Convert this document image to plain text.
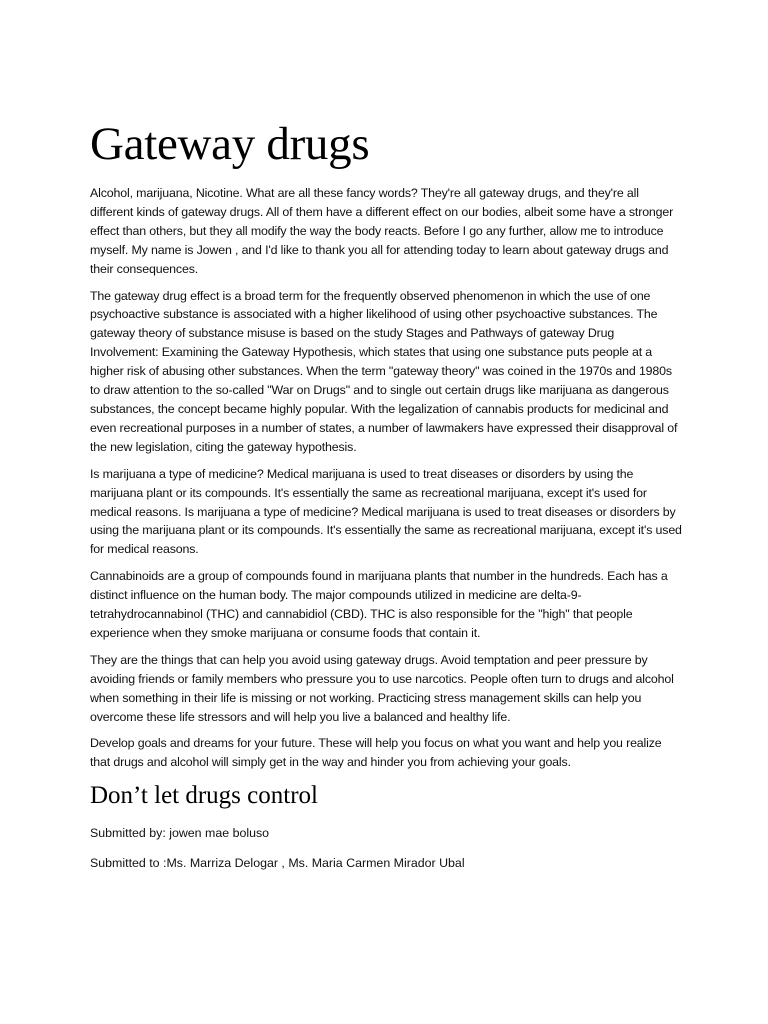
Gateway drugs

Alcohol, marijuana, Nicotine. What are all these fancy words? They're all gateway drugs, and they're all different kinds of gateway drugs. All of them have a different effect on our bodies, albeit some have a stronger effect than others, but they all modify the way the body reacts. Before I go any further, allow me to introduce myself. My name is Jowen , and I'd like to thank you all for attending today to learn about gateway drugs and their consequences.

The gateway drug effect is a broad term for the frequently observed phenomenon in which the use of one psychoactive substance is associated with a higher likelihood of using other psychoactive substances. The gateway theory of substance misuse is based on the study Stages and Pathways of gateway Drug Involvement: Examining the Gateway Hypothesis, which states that using one substance puts people at a higher risk of abusing other substances. When the term "gateway theory" was coined in the 1970s and 1980s to draw attention to the so-called "War on Drugs" and to single out certain drugs like marijuana as dangerous substances, the concept became highly popular. With the legalization of cannabis products for medicinal and even recreational purposes in a number of states, a number of lawmakers have expressed their disapproval of the new legislation, citing the gateway hypothesis.

Is marijuana a type of medicine? Medical marijuana is used to treat diseases or disorders by using the marijuana plant or its compounds. It's essentially the same as recreational marijuana, except it's used for medical reasons. Is marijuana a type of medicine? Medical marijuana is used to treat diseases or disorders by using the marijuana plant or its compounds. It's essentially the same as recreational marijuana, except it's used for medical reasons.

Cannabinoids are a group of compounds found in marijuana plants that number in the hundreds. Each has a distinct influence on the human body. The major compounds utilized in medicine are delta-9-tetrahydrocannabinol (THC) and cannabidiol (CBD). THC is also responsible for the "high" that people experience when they smoke marijuana or consume foods that contain it.

They are the things that can help you avoid using gateway drugs. Avoid temptation and peer pressure by avoiding friends or family members who pressure you to use narcotics. People often turn to drugs and alcohol when something in their life is missing or not working. Practicing stress management skills can help you overcome these life stressors and will help you live a balanced and healthy life.

Develop goals and dreams for your future. These will help you focus on what you want and help you realize that drugs and alcohol will simply get in the way and hinder you from achieving your goals.

Don’t let drugs control

Submitted by: jowen mae boluso

Submitted to :Ms. Marriza Delogar , Ms. Maria Carmen Mirador Ubal
